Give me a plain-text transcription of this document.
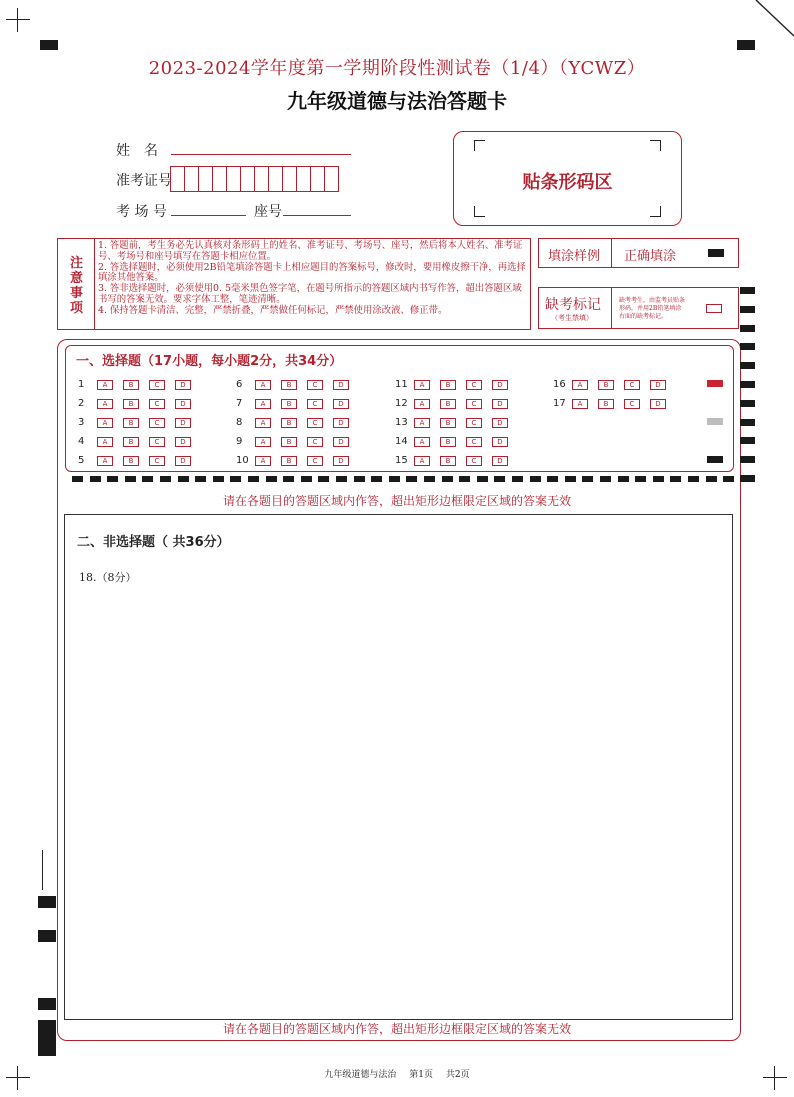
2023-2024学年度第一学期阶段性测试卷（1/4）（YCWZ）
九年级道德与法治答题卡
姓　名
准考证号
考 场 号	座号
贴条形码区
注
意
事
项
1. 答题前，考生务必先认真核对条形码上的姓名、准考证号、考场号、座号，然后将本人姓名、准考证号、考场号和座号填写在答题卡相应位置。
2. 答选择题时，必须使用2B铅笔填涂答题卡上相应题目的答案标号，修改时，要用橡皮擦干净，再选择填涂其他答案。
3. 答非选择题时，必须使用0. 5毫米黑色签字笔，在题号所指示的答题区域内书写作答，超出答题区域书写的答案无效。要求字体工整，笔迹清晰。
4. 保持答题卡清洁、完整，严禁折叠，严禁做任何标记，严禁使用涂改液、修正带。
填涂样例 正确填涂
缺考标记
（考生禁填）
缺考考生，由监考员贴条形码，并用2B铅笔填涂右面的缺考标记。
一、选择题（17小题，每小题2分，共34分）
1	A	B	C	D
2	A	B	C	D
3	A	B	C	D
4	A	B	C	D
5	A	B	C	D
6	A	B	C	D
7	A	B	C	D
8	A	B	C	D
9	A	B	C	D
10	A	B	C	D
11	A	B	C	D
12	A	B	C	D
13	A	B	C	D
14	A	B	C	D
15	A	B	C	D
16	A	B	C	D
17	A	B	C	D
请在各题目的答题区域内作答，超出矩形边框限定区域的答案无效
二、非选择题（ 共36分）
18.（8分）
请在各题目的答题区域内作答，超出矩形边框限定区域的答案无效
九年级道德与法治 第1页 共2页
